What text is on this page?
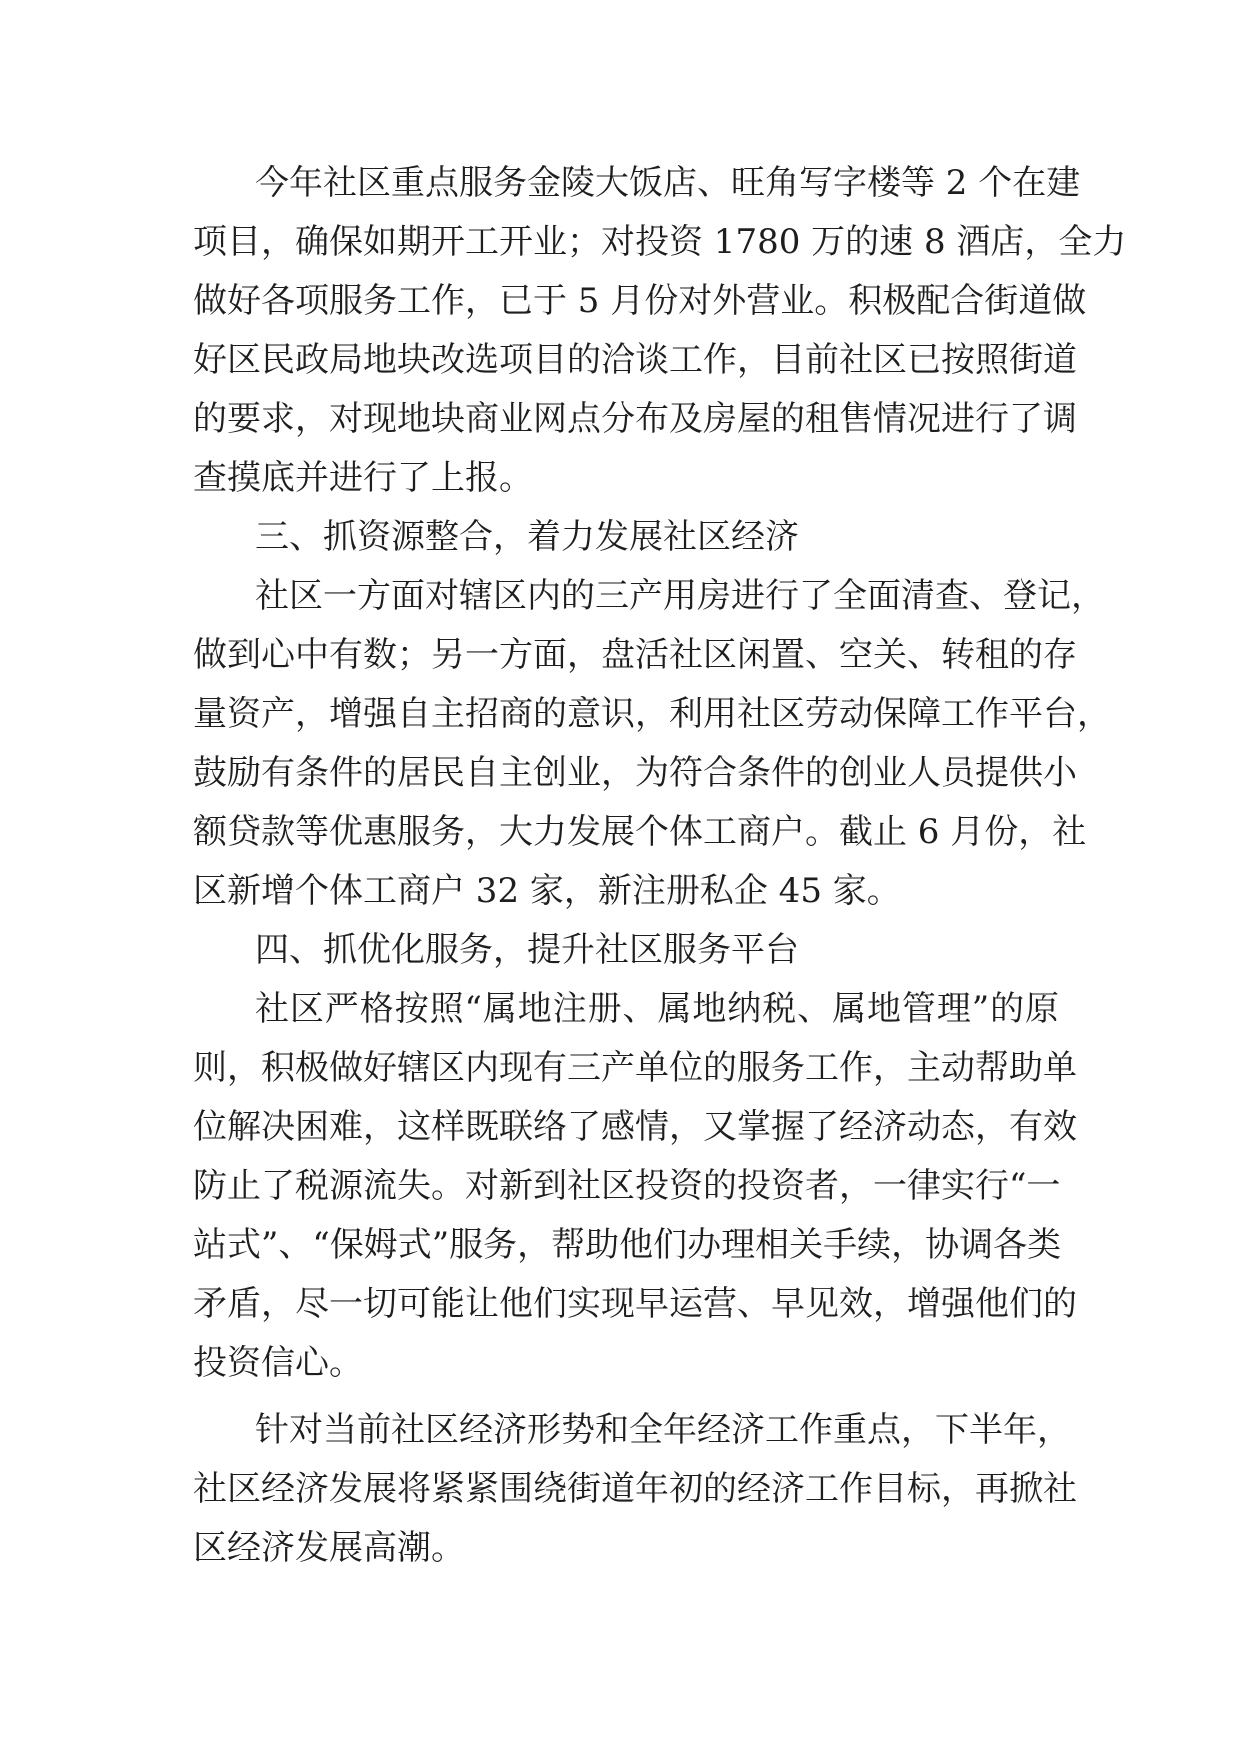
今年社区重点服务金陵大饭店、旺角写字楼等 2 个在建
项目，确保如期开工开业；对投资 1780 万的速 8 酒店，全力
做好各项服务工作，已于 5 月份对外营业。积极配合街道做
好区民政局地块改选项目的洽谈工作，目前社区已按照街道
的要求，对现地块商业网点分布及房屋的租售情况进行了调
查摸底并进行了上报。
三、抓资源整合，着力发展社区经济
社区一方面对辖区内的三产用房进行了全面清查、登记，
做到心中有数；另一方面，盘活社区闲置、空关、转租的存
量资产，增强自主招商的意识，利用社区劳动保障工作平台，
鼓励有条件的居民自主创业，为符合条件的创业人员提供小
额贷款等优惠服务，大力发展个体工商户。截止 6 月份，社
区新增个体工商户 32 家，新注册私企 45 家。
四、抓优化服务，提升社区服务平台
社区严格按照“属地注册、属地纳税、属地管理”的原
则，积极做好辖区内现有三产单位的服务工作，主动帮助单
位解决困难，这样既联络了感情，又掌握了经济动态，有效
防止了税源流失。对新到社区投资的投资者，一律实行“一
站式”、“保姆式”服务，帮助他们办理相关手续，协调各类
矛盾，尽一切可能让他们实现早运营、早见效，增强他们的
投资信心。
针对当前社区经济形势和全年经济工作重点，下半年，
社区经济发展将紧紧围绕街道年初的经济工作目标，再掀社
区经济发展高潮。
